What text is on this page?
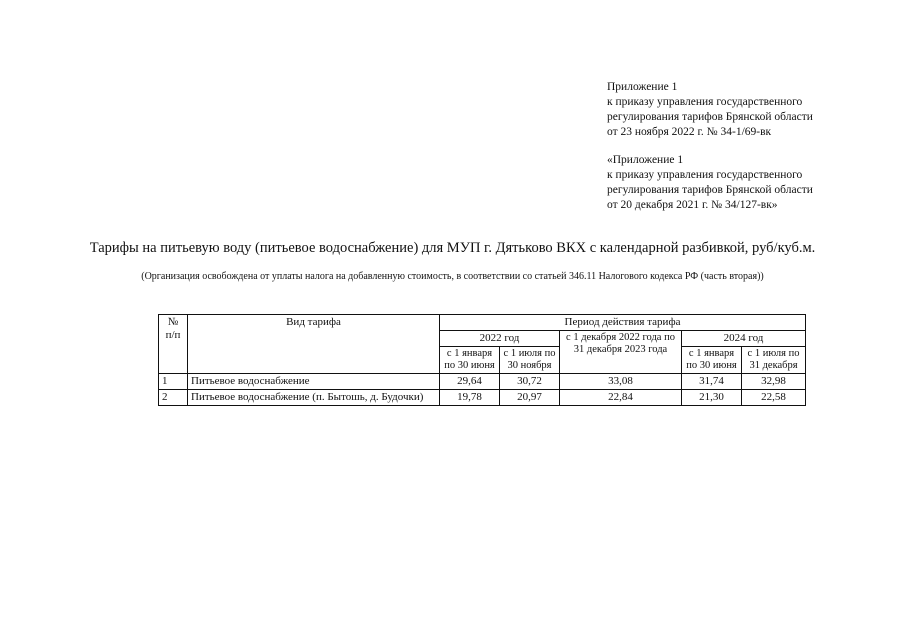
Приложение 1
к приказу управления государственного
регулирования тарифов Брянской области
от 23 ноября 2022 г. № 34-1/69-вк
«Приложение 1
к приказу управления государственного
регулирования тарифов Брянской области
от 20 декабря 2021 г. № 34/127-вк»
Тарифы на питьевую воду (питьевое водоснабжение) для МУП г. Дятьково ВКХ с календарной разбивкой, руб/куб.м.
(Организация освобождена от уплаты налога на добавленную стоимость, в соответствии со статьей 346.11 Налогового кодекса РФ (часть вторая))
№ п/п	Вид тарифа	Период действия тарифа				
		2022 год		с 1 декабря 2022 года по 31 декабря 2023 года	2024 год	
		с 1 января по 30 июня	с 1 июля по 30 ноября		с 1 января по 30 июня	с 1 июля по 31 декабря
1	Питьевое водоснабжение	29,64	30,72	33,08	31,74	32,98
2	Питьевое водоснабжение (п. Бытошь, д. Будочки)	19,78	20,97	22,84	21,30	22,58
